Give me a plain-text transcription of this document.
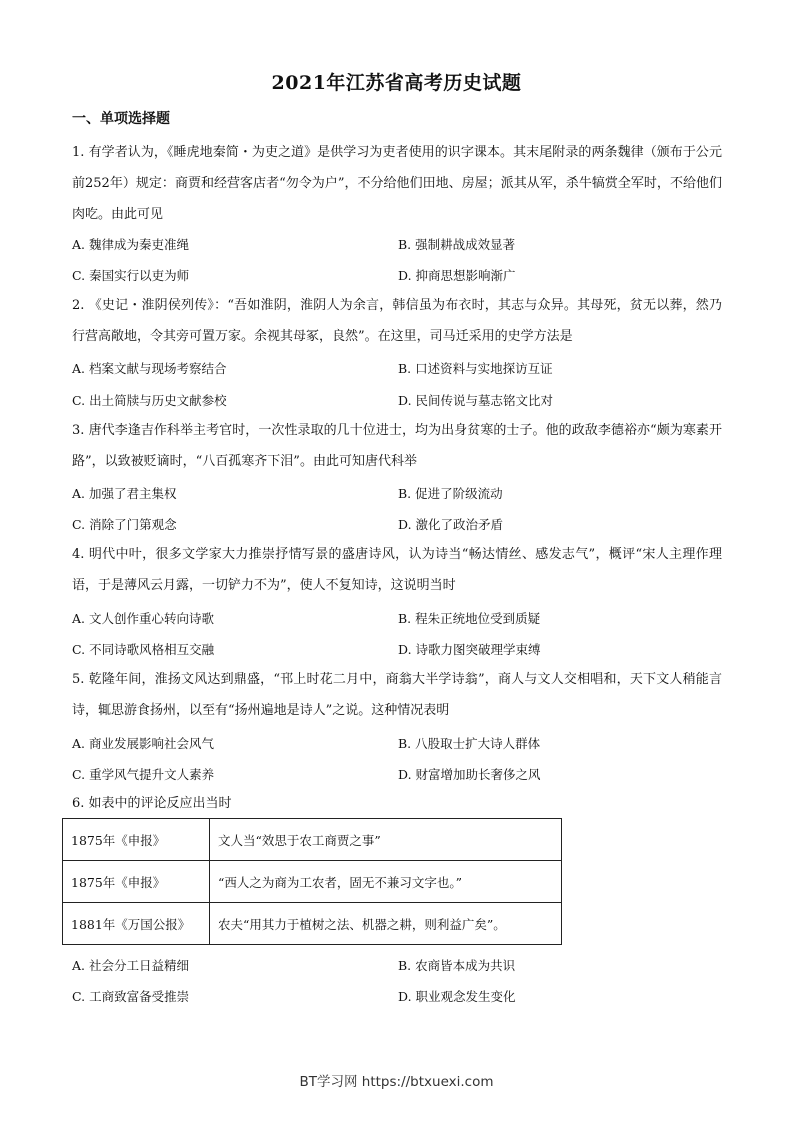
2021年江苏省高考历史试题
一、单项选择题
1. 有学者认为，《睡虎地秦简・为吏之道》是供学习为吏者使用的识字课本。其末尾附录的两条魏律（颁布于公元前252年）规定：商贾和经营客店者“勿令为户”，不分给他们田地、房屋；派其从军，杀牛犒赏全军时，不给他们肉吃。由此可见
A. 魏律成为秦吏准绳	B. 强制耕战成效显著
C. 秦国实行以吏为师	D. 抑商思想影响渐广
2. 《史记・淮阴侯列传》：“吾如淮阴，淮阴人为余言，韩信虽为布衣时，其志与众异。其母死，贫无以葬，然乃行营高敞地，令其旁可置万家。余视其母冢，良然”。在这里，司马迁采用的史学方法是
A. 档案文献与现场考察结合	B. 口述资料与实地探访互证
C. 出土简牍与历史文献参校	D. 民间传说与墓志铭文比对
3. 唐代李逢吉作科举主考官时，一次性录取的几十位进士，均为出身贫寒的士子。他的政敌李德裕亦“颇为寒素开路”，以致被贬谪时，“八百孤寒齐下泪”。由此可知唐代科举
A. 加强了君主集权	B. 促进了阶级流动
C. 消除了门第观念	D. 激化了政治矛盾
4. 明代中叶，很多文学家大力推崇抒情写景的盛唐诗风，认为诗当“畅达情丝、感发志气”，概评“宋人主理作理语，于是薄风云月露，一切铲力不为”，使人不复知诗，这说明当时
A. 文人创作重心转向诗歌	B. 程朱正统地位受到质疑
C. 不同诗歌风格相互交融	D. 诗歌力图突破理学束缚
5. 乾隆年间，淮扬文风达到鼎盛，“邗上时花二月中，商翁大半学诗翁”，商人与文人交相唱和，天下文人稍能言诗，辄思游食扬州，以至有“扬州遍地是诗人”之说。这种情况表明
A. 商业发展影响社会风气	B. 八股取士扩大诗人群体
C. 重学风气提升文人素养	D. 财富增加助长奢侈之风
6. 如表中的评论反应出当时
1875年《申报》	文人当“效思于农工商贾之事”
1875年《申报》	“西人之为商为工农者，固无不兼习文字也。”
1881年《万国公报》	农夫“用其力于植树之法、机器之耕，则利益广矣”。
A. 社会分工日益精细	B. 农商皆本成为共识
C. 工商致富备受推崇	D. 职业观念发生变化
BT学习网 https://btxuexi.com
